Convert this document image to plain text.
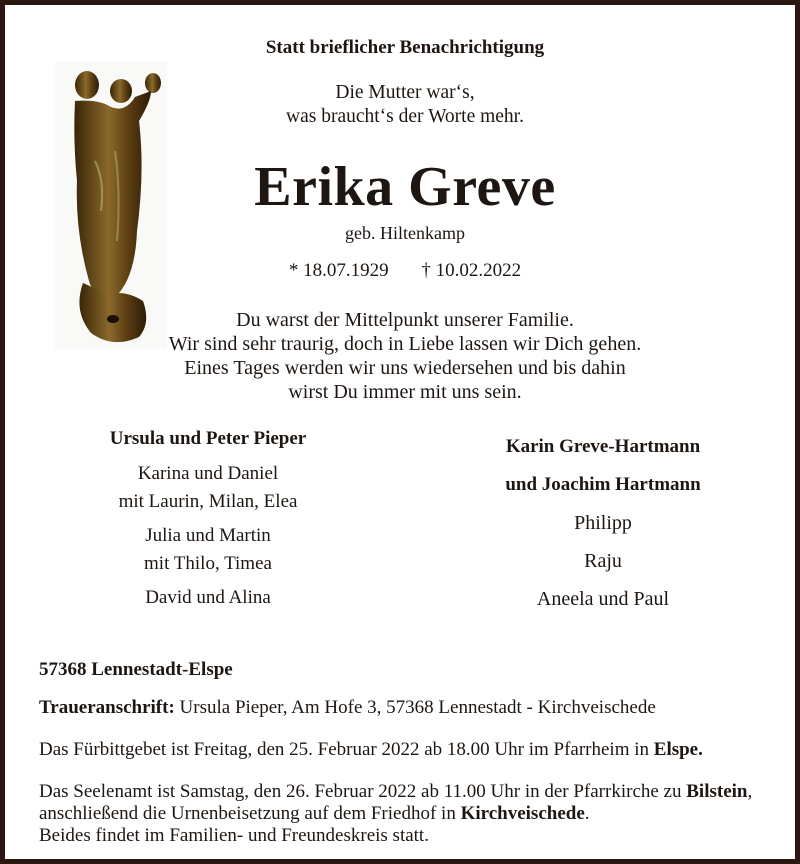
Statt brieflicher Benachrichtigung
Die Mutter war‘s,
was braucht‘s der Worte mehr.
Erika Greve
geb. Hiltenkamp
* 18.07.1929 † 10.02.2022
Du warst der Mittelpunkt unserer Familie.
Wir sind sehr traurig, doch in Liebe lassen wir Dich gehen.
Eines Tages werden wir uns wiedersehen und bis dahin
wirst Du immer mit uns sein.
Ursula und Peter Pieper
Karina und Daniel
mit Laurin, Milan, Elea
Julia und Martin
mit Thilo, Timea
David und Alina
Karin Greve-Hartmann
und Joachim Hartmann
Philipp
Raju
Aneela und Paul
57368 Lennestadt-Elspe
Traueranschrift: Ursula Pieper, Am Hofe 3, 57368 Lennestadt - Kirchveischede
Das Fürbittgebet ist Freitag, den 25. Februar 2022 ab 18.00 Uhr im Pfarrheim in Elspe.
Das Seelenamt ist Samstag, den 26. Februar 2022 ab 11.00 Uhr in der Pfarrkirche zu Bilstein,
anschließend die Urnenbeisetzung auf dem Friedhof in Kirchveischede.
Beides findet im Familien- und Freundeskreis statt.
